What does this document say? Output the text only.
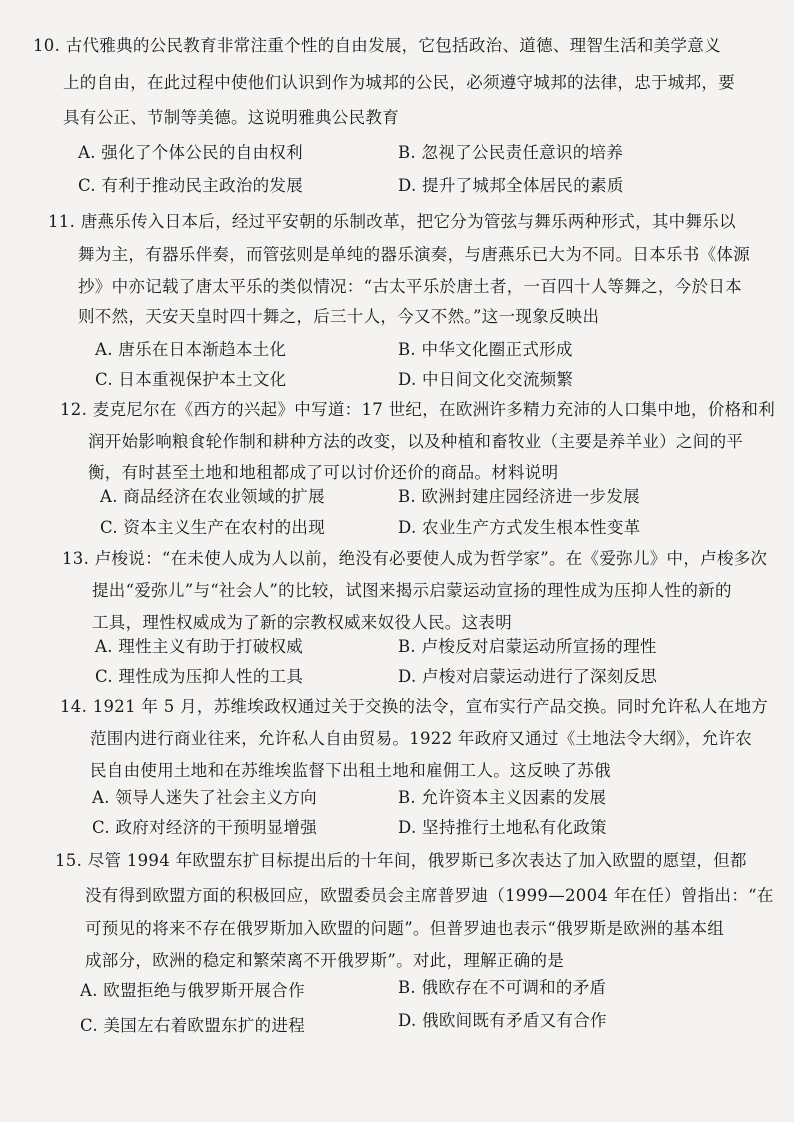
10. 古代雅典的公民教育非常注重个性的自由发展，它包括政治、道德、理智生活和美学意义
上的自由，在此过程中使他们认识到作为城邦的公民，必须遵守城邦的法律，忠于城邦，要
具有公正、节制等美德。这说明雅典公民教育
A. 强化了个体公民的自由权利	B. 忽视了公民责任意识的培养
C. 有利于推动民主政治的发展	D. 提升了城邦全体居民的素质
11. 唐燕乐传入日本后，经过平安朝的乐制改革，把它分为管弦与舞乐两种形式，其中舞乐以
舞为主，有器乐伴奏，而管弦则是单纯的器乐演奏，与唐燕乐已大为不同。日本乐书《体源
抄》中亦记载了唐太平乐的类似情况：“古太平乐於唐土者，一百四十人等舞之，今於日本
则不然，天安天皇时四十舞之，后三十人，今又不然。”这一现象反映出
A. 唐乐在日本渐趋本土化	B. 中华文化圈正式形成
C. 日本重视保护本土文化	D. 中日间文化交流频繁
12. 麦克尼尔在《西方的兴起》中写道：17 世纪，在欧洲许多精力充沛的人口集中地，价格和利
润开始影响粮食轮作制和耕种方法的改变，以及种植和畜牧业（主要是养羊业）之间的平
衡，有时甚至土地和地租都成了可以讨价还价的商品。材料说明
A. 商品经济在农业领域的扩展	B. 欧洲封建庄园经济进一步发展
C. 资本主义生产在农村的出现	D. 农业生产方式发生根本性变革
13. 卢梭说：“在未使人成为人以前，绝没有必要使人成为哲学家”。在《爱弥儿》中，卢梭多次
提出“爱弥儿”与“社会人”的比较，试图来揭示启蒙运动宣扬的理性成为压抑人性的新的
工具，理性权威成为了新的宗教权威来奴役人民。这表明
A. 理性主义有助于打破权威	B. 卢梭反对启蒙运动所宣扬的理性
C. 理性成为压抑人性的工具	D. 卢梭对启蒙运动进行了深刻反思
14. 1921 年 5 月，苏维埃政权通过关于交换的法令，宣布实行产品交换。同时允许私人在地方
范围内进行商业往来，允许私人自由贸易。1922 年政府又通过《土地法令大纲》，允许农
民自由使用土地和在苏维埃监督下出租土地和雇佣工人。这反映了苏俄
A. 领导人迷失了社会主义方向	B. 允许资本主义因素的发展
C. 政府对经济的干预明显增强	D. 坚持推行土地私有化政策
15. 尽管 1994 年欧盟东扩目标提出后的十年间，俄罗斯已多次表达了加入欧盟的愿望，但都
没有得到欧盟方面的积极回应，欧盟委员会主席普罗迪（1999—2004 年在任）曾指出：“在
可预见的将来不存在俄罗斯加入欧盟的问题”。但普罗迪也表示“俄罗斯是欧洲的基本组
成部分，欧洲的稳定和繁荣离不开俄罗斯”。对此，理解正确的是
A. 欧盟拒绝与俄罗斯开展合作	B. 俄欧存在不可调和的矛盾
C. 美国左右着欧盟东扩的进程	D. 俄欧间既有矛盾又有合作
